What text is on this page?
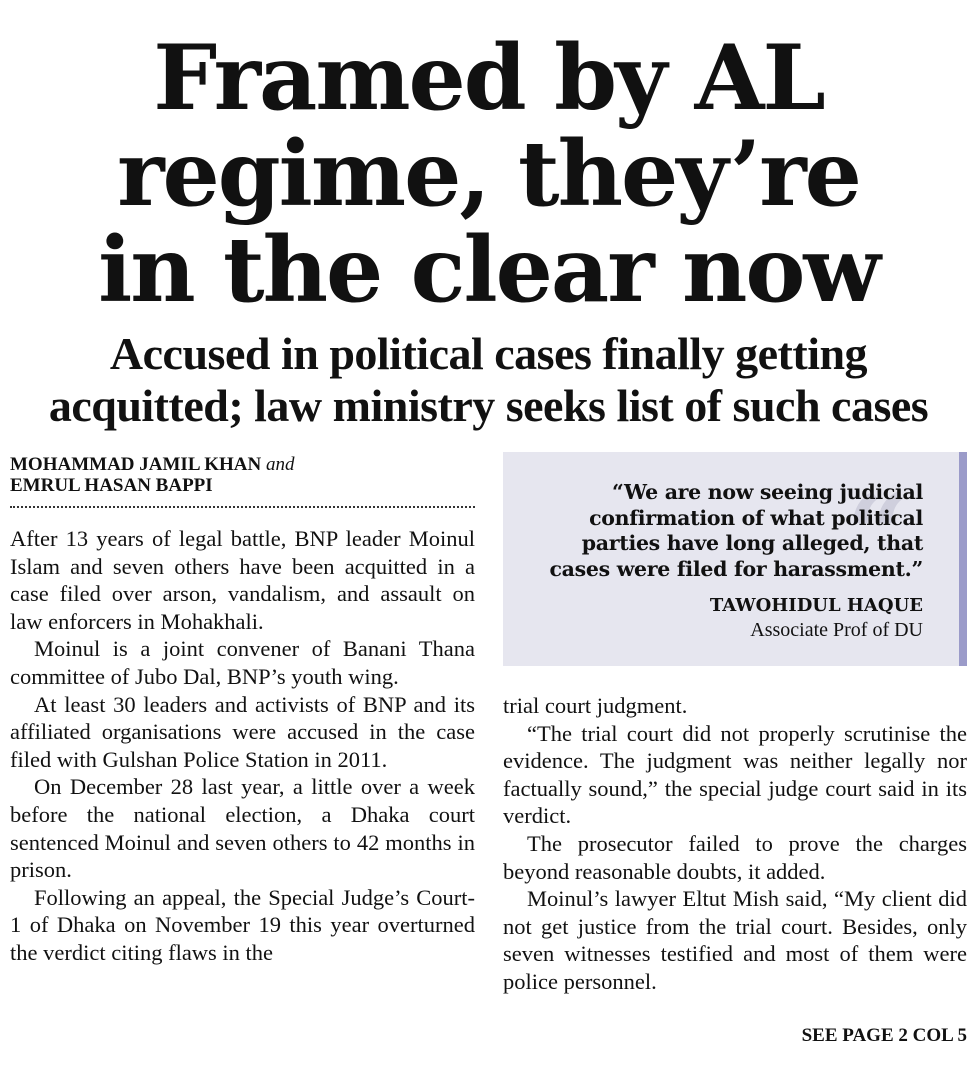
Framed by AL
regime, they’re
in the clear now
Accused in political cases finally getting
acquitted; law ministry seeks list of such cases
MOHAMMAD JAMIL KHAN and
EMRUL HASAN BAPPI

After 13 years of legal battle, BNP leader Moinul Islam and seven others have been acquitted in a case filed over arson, vandalism, and assault on law enforcers in Mohakhali.

Moinul is a joint convener of Banani Thana committee of Jubo Dal, BNP’s youth wing.

At least 30 leaders and activists of BNP and its affiliated organisations were accused in the case filed with Gulshan Police Station in 2011.

On December 28 last year, a little over a week before the national election, a Dhaka court sentenced Moinul and seven others to 42 months in prison.

Following an appeal, the Special Judge’s Court-1 of Dhaka on November 19 this year overturned the verdict citing flaws in the

“
“We are now seeing judicial confirmation of what political parties have long alleged, that cases were filed for harassment.”
TAWOHIDUL HAQUE
Associate Prof of DU

trial court judgment.

“The trial court did not properly scrutinise the evidence. The judgment was neither legally nor factually sound,” the special judge court said in its verdict.

The prosecutor failed to prove the charges beyond reasonable doubts, it added.

Moinul’s lawyer Eltut Mish said, “My client did not get justice from the trial court. Besides, only seven witnesses testified and most of them were police personnel.

SEE PAGE 2 COL 5
